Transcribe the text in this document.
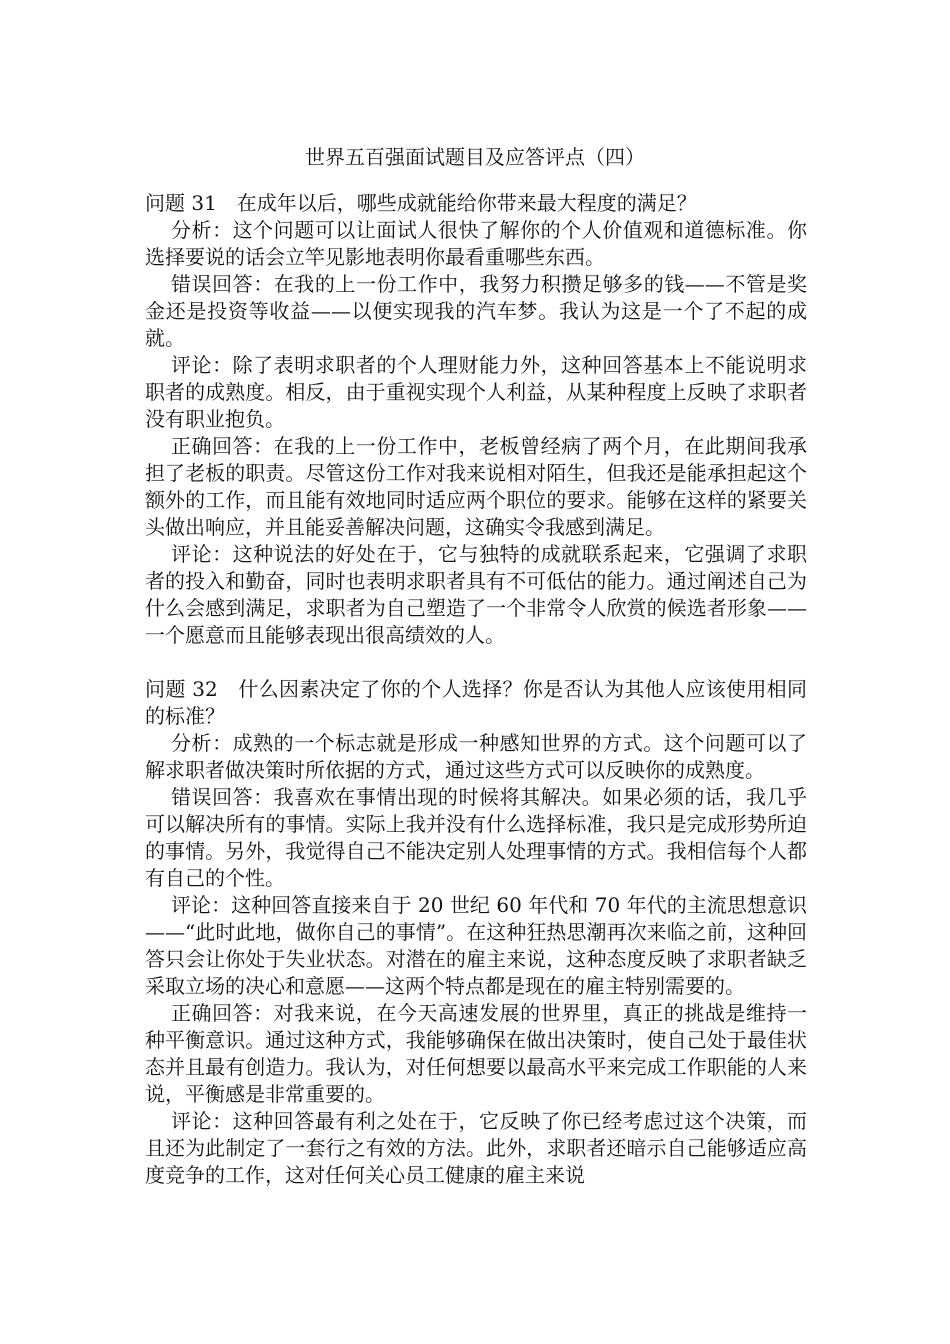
世界五百强面试题目及应答评点（四）

问题 31　在成年以后，哪些成就能给你带来最大程度的满足？

分析：这个问题可以让面试人很快了解你的个人价值观和道德标准。你选择要说的话会立竿见影地表明你最看重哪些东西。

错误回答：在我的上一份工作中，我努力积攒足够多的钱——不管是奖金还是投资等收益——以便实现我的汽车梦。我认为这是一个了不起的成就。

评论：除了表明求职者的个人理财能力外，这种回答基本上不能说明求职者的成熟度。相反，由于重视实现个人利益，从某种程度上反映了求职者没有职业抱负。

正确回答：在我的上一份工作中，老板曾经病了两个月，在此期间我承担了老板的职责。尽管这份工作对我来说相对陌生，但我还是能承担起这个额外的工作，而且能有效地同时适应两个职位的要求。能够在这样的紧要关头做出响应，并且能妥善解决问题，这确实令我感到满足。

评论：这种说法的好处在于，它与独特的成就联系起来，它强调了求职者的投入和勤奋，同时也表明求职者具有不可低估的能力。通过阐述自己为什么会感到满足，求职者为自己塑造了一个非常令人欣赏的候选者形象——一个愿意而且能够表现出很高绩效的人。

问题 32　什么因素决定了你的个人选择？你是否认为其他人应该使用相同的标准？

分析：成熟的一个标志就是形成一种感知世界的方式。这个问题可以了解求职者做决策时所依据的方式，通过这些方式可以反映你的成熟度。

错误回答：我喜欢在事情出现的时候将其解决。如果必须的话，我几乎可以解决所有的事情。实际上我并没有什么选择标准，我只是完成形势所迫的事情。另外，我觉得自己不能决定别人处理事情的方式。我相信每个人都有自己的个性。

评论：这种回答直接来自于 20 世纪 60 年代和 70 年代的主流思想意识——“此时此地，做你自己的事情”。在这种狂热思潮再次来临之前，这种回答只会让你处于失业状态。对潜在的雇主来说，这种态度反映了求职者缺乏采取立场的决心和意愿——这两个特点都是现在的雇主特别需要的。

正确回答：对我来说，在今天高速发展的世界里，真正的挑战是维持一种平衡意识。通过这种方式，我能够确保在做出决策时，使自己处于最佳状态并且最有创造力。我认为，对任何想要以最高水平来完成工作职能的人来说，平衡感是非常重要的。

评论：这种回答最有利之处在于，它反映了你已经考虑过这个决策，而且还为此制定了一套行之有效的方法。此外，求职者还暗示自己能够适应高度竞争的工作，这对任何关心员工健康的雇主来说
